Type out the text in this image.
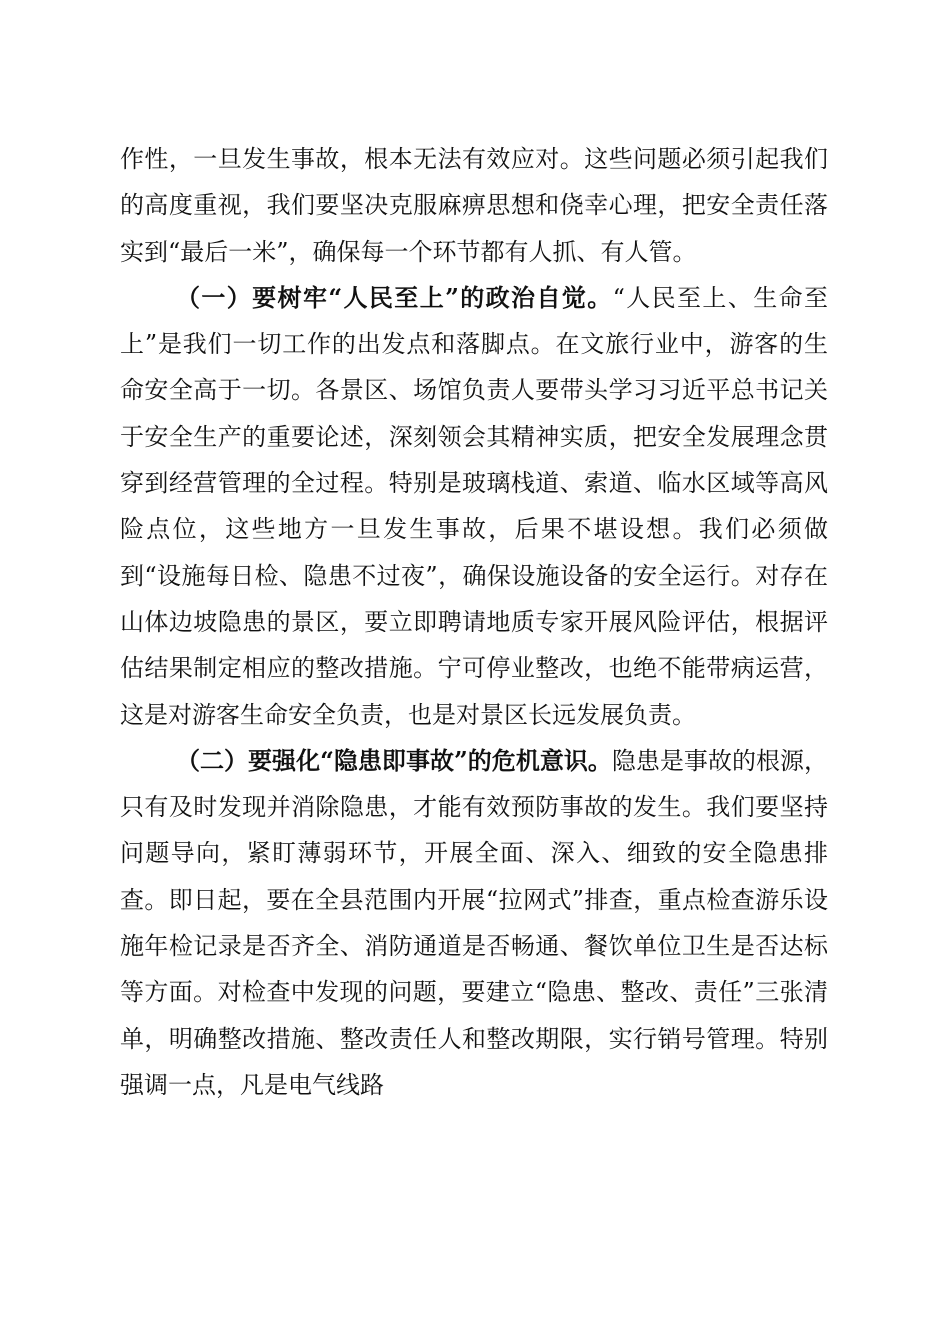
作性，一旦发生事故，根本无法有效应对。这些问题必须引起我们的高度重视，我们要坚决克服麻痹思想和侥幸心理，把安全责任落实到“最后一米”，确保每一个环节都有人抓、有人管。

（一）要树牢“人民至上”的政治自觉。“人民至上、生命至上”是我们一切工作的出发点和落脚点。在文旅行业中，游客的生命安全高于一切。各景区、场馆负责人要带头学习习近平总书记关于安全生产的重要论述，深刻领会其精神实质，把安全发展理念贯穿到经营管理的全过程。特别是玻璃栈道、索道、临水区域等高风险点位，这些地方一旦发生事故，后果不堪设想。我们必须做到“设施每日检、隐患不过夜”，确保设施设备的安全运行。对存在山体边坡隐患的景区，要立即聘请地质专家开展风险评估，根据评估结果制定相应的整改措施。宁可停业整改，也绝不能带病运营，这是对游客生命安全负责，也是对景区长远发展负责。

（二）要强化“隐患即事故”的危机意识。隐患是事故的根源，只有及时发现并消除隐患，才能有效预防事故的发生。我们要坚持问题导向，紧盯薄弱环节，开展全面、深入、细致的安全隐患排查。即日起，要在全县范围内开展“拉网式”排查，重点检查游乐设施年检记录是否齐全、消防通道是否畅通、餐饮单位卫生是否达标等方面。对检查中发现的问题，要建立“隐患、整改、责任”三张清单，明确整改措施、整改责任人和整改期限，实行销号管理。特别强调一点，凡是电气线路
